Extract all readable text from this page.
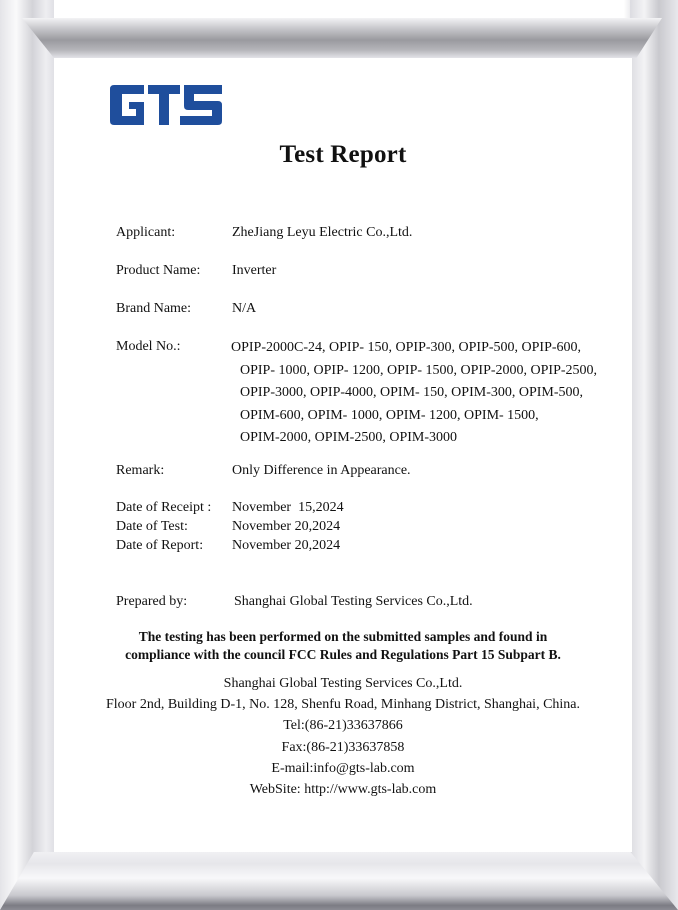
Test Report
Applicant:	ZheJiang Leyu Electric Co.,Ltd.
Product Name: Inverter
Brand Name:	N/A
Model No.:	OPIP-2000C-24, OPIP- 150, OPIP-300, OPIP-500, OPIP-600,
OPIP- 1000, OPIP- 1200, OPIP- 1500, OPIP-2000, OPIP-2500,
OPIP-3000, OPIP-4000, OPIM- 150, OPIM-300, OPIM-500,
OPIM-600, OPIM- 1000, OPIM- 1200, OPIM- 1500,
OPIM-2000, OPIM-2500, OPIM-3000
Remark:	Only Difference in Appearance.
Date of Receipt : November  15,2024
Date of Test:	November 20,2024
Date of Report: November 20,2024
Prepared by:	Shanghai Global Testing Services Co.,Ltd.
The testing has been performed on the submitted samples and found in
compliance with the council FCC Rules and Regulations Part 15 Subpart B.
Shanghai Global Testing Services Co.,Ltd.
Floor 2nd, Building D-1, No. 128, Shenfu Road, Minhang District, Shanghai, China.
Tel:(86-21)33637866
Fax:(86-21)33637858
E-mail:info@gts-lab.com
WebSite: http://www.gts-lab.com
